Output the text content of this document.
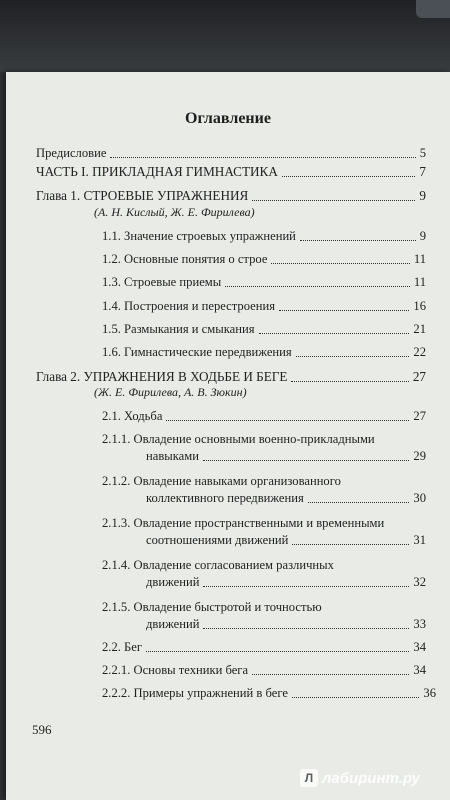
Оглавление
Предисловие	5
ЧАСТЬ I. ПРИКЛАДНАЯ ГИМНАСТИКА	7
Глава 1. СТРОЕВЫЕ УПРАЖНЕНИЯ	9
(А. Н. Кислый, Ж. Е. Фирилева)
1.1. Значение строевых упражнений	9
1.2. Основные понятия о строе	11
1.3. Строевые приемы	11
1.4. Построения и перестроения	16
1.5. Размыкания и смыкания	21
1.6. Гимнастические передвижения	22
Глава 2. УПРАЖНЕНИЯ В ХОДЬБЕ И БЕГЕ	27
(Ж. Е. Фирилева, А. В. Зюкин)
2.1. Ходьба	27
2.1.1. Овладение основными военно-прикладными
навыками	29
2.1.2. Овладение навыками организованного
коллективного передвижения	30
2.1.3. Овладение пространственными и временными
соотношениями движений	31
2.1.4. Овладение согласованием различных
движений	32
2.1.5. Овладение быстротой и точностью
движений	33
2.2. Бег	34
2.2.1. Основы техники бега	34
2.2.2. Примеры упражнений в беге	36
596
Л лабиринт.ру
